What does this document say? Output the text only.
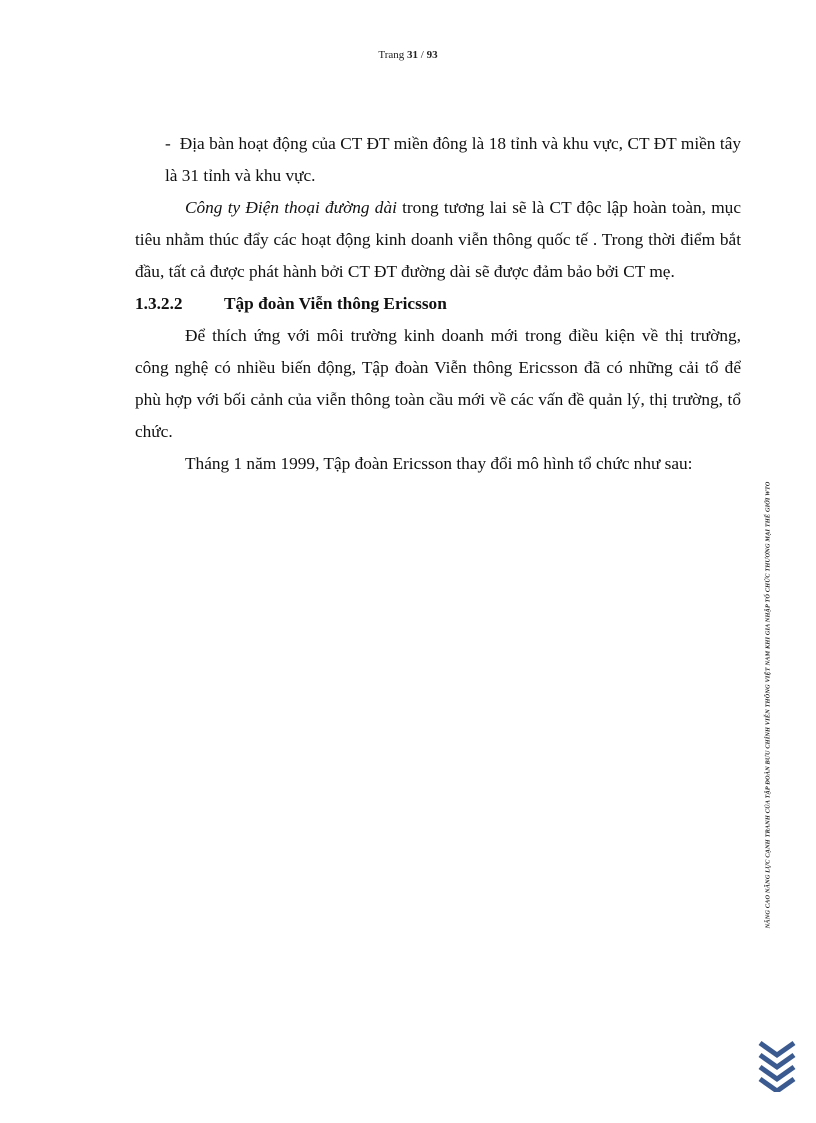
Trang 31 / 93

- Địa bàn hoạt động của CT ĐT miền đông là 18 tỉnh và khu vực, CT ĐT miền tây là 31 tỉnh và khu vực.

Công ty Điện thoại đường dài trong tương lai sẽ là CT độc lập hoàn toàn, mục tiêu nhằm thúc đẩy các hoạt động kinh doanh viễn thông quốc tế . Trong thời điểm bắt đầu, tất cả được phát hành bởi CT ĐT đường dài sẽ được đảm bảo bởi CT mẹ.

1.3.2.2	Tập đoàn Viễn thông Ericsson

Để thích ứng với môi trường kinh doanh mới trong điều kiện về thị trường, công nghệ có nhiều biến động, Tập đoàn Viễn thông Ericsson đã có những cải tổ để phù hợp với bối cảnh của viễn thông toàn cầu mới về các vấn đề quản lý, thị trường, tổ chức.

Tháng 1 năm 1999, Tập đoàn Ericsson thay đổi mô hình tổ chức như sau:

NÂNG CAO NĂNG LỰC CẠNH TRANH CỦA TẬP ĐOÀN BƯU CHÍNH VIỄN THÔNG VIỆT NAM KHI GIA NHẬP TỔ CHỨC THƯƠNG MẠI THẾ GIỚI WTO
